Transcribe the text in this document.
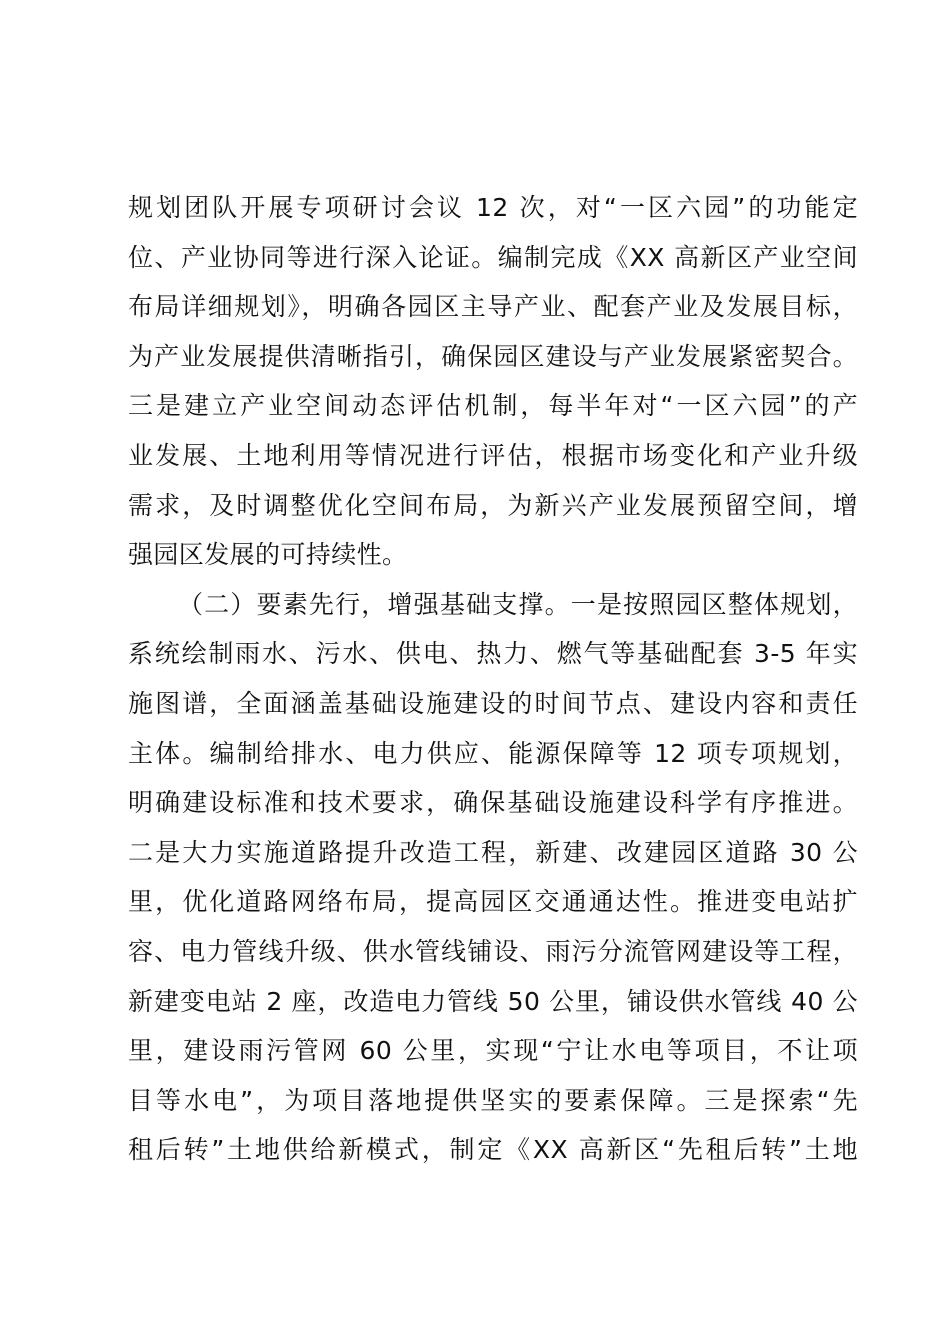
规划团队开展专项研讨会议 12 次，对“一区六园”的功能定
位、产业协同等进行深入论证。编制完成《XX 高新区产业空间
布局详细规划》，明确各园区主导产业、配套产业及发展目标，
为产业发展提供清晰指引，确保园区建设与产业发展紧密契合。
三是建立产业空间动态评估机制，每半年对“一区六园”的产
业发展、土地利用等情况进行评估，根据市场变化和产业升级
需求，及时调整优化空间布局，为新兴产业发展预留空间，增
强园区发展的可持续性。
（二）要素先行，增强基础支撑。一是按照园区整体规划，
系统绘制雨水、污水、供电、热力、燃气等基础配套 3-5 年实
施图谱，全面涵盖基础设施建设的时间节点、建设内容和责任
主体。编制给排水、电力供应、能源保障等 12 项专项规划，
明确建设标准和技术要求，确保基础设施建设科学有序推进。
二是大力实施道路提升改造工程，新建、改建园区道路 30 公
里，优化道路网络布局，提高园区交通通达性。推进变电站扩
容、电力管线升级、供水管线铺设、雨污分流管网建设等工程，
新建变电站 2 座，改造电力管线 50 公里，铺设供水管线 40 公
里，建设雨污管网 60 公里，实现“宁让水电等项目，不让项
目等水电”，为项目落地提供坚实的要素保障。三是探索“先
租后转”土地供给新模式，制定《XX 高新区“先租后转”土地
